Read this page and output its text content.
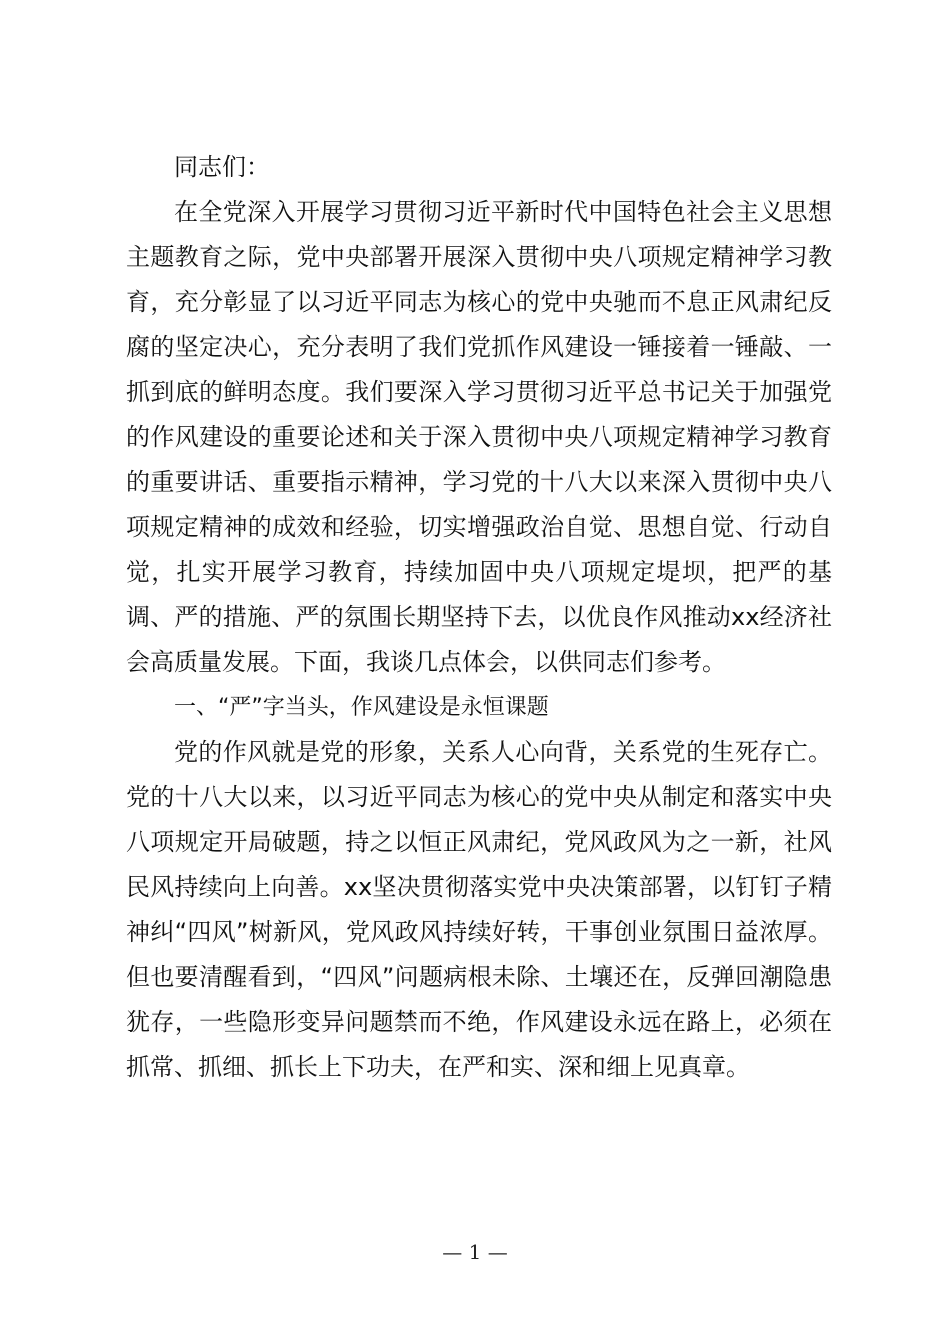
同志们：

在全党深入开展学习贯彻习近平新时代中国特色社会主义思想主题教育之际，党中央部署开展深入贯彻中央八项规定精神学习教育，充分彰显了以习近平同志为核心的党中央驰而不息正风肃纪反腐的坚定决心，充分表明了我们党抓作风建设一锤接着一锤敲、一抓到底的鲜明态度。我们要深入学习贯彻习近平总书记关于加强党的作风建设的重要论述和关于深入贯彻中央八项规定精神学习教育的重要讲话、重要指示精神，学习党的十八大以来深入贯彻中央八项规定精神的成效和经验，切实增强政治自觉、思想自觉、行动自觉，扎实开展学习教育，持续加固中央八项规定堤坝，把严的基调、严的措施、严的氛围长期坚持下去，以优良作风推动xx经济社会高质量发展。下面，我谈几点体会，以供同志们参考。

一、“严”字当头，作风建设是永恒课题

党的作风就是党的形象，关系人心向背，关系党的生死存亡。党的十八大以来，以习近平同志为核心的党中央从制定和落实中央八项规定开局破题，持之以恒正风肃纪，党风政风为之一新，社风民风持续向上向善。xx坚决贯彻落实党中央决策部署，以钉钉子精神纠“四风”树新风，党风政风持续好转，干事创业氛围日益浓厚。但也要清醒看到，“四风”问题病根未除、土壤还在，反弹回潮隐患犹存，一些隐形变异问题禁而不绝，作风建设永远在路上，必须在抓常、抓细、抓长上下功夫，在严和实、深和细上见真章。

— 1 —
